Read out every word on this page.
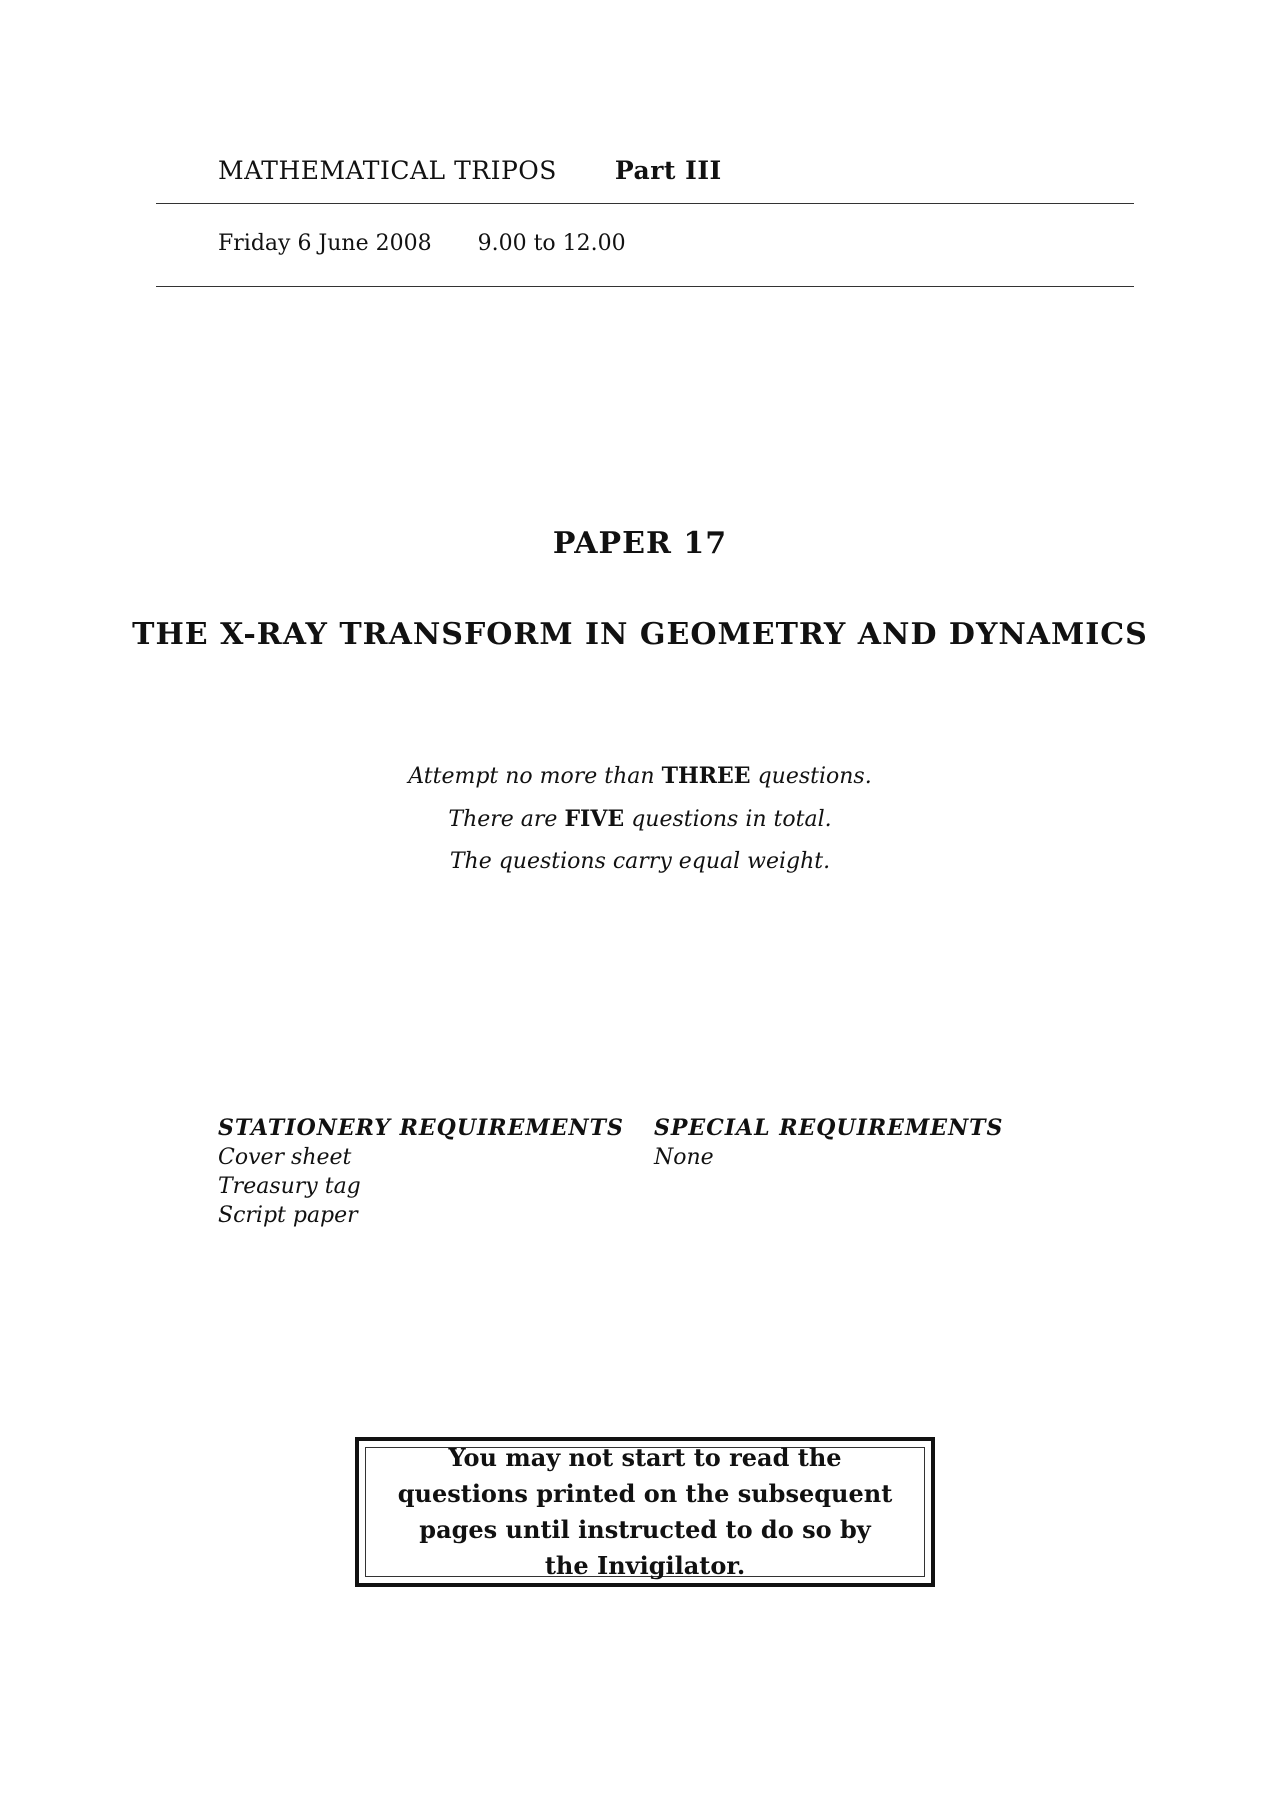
MATHEMATICAL TRIPOS Part III
Friday 6 June 2008 9.00 to 12.00
PAPER 17
THE X-RAY TRANSFORM IN GEOMETRY AND DYNAMICS
Attempt no more than THREE questions.
There are FIVE questions in total.
The questions carry equal weight.
STATIONERY REQUIREMENTS
Cover sheet
Treasury tag
Script paper
SPECIAL REQUIREMENTS
None
You may not start to read the questions printed on the subsequent pages until instructed to do so by the Invigilator.
